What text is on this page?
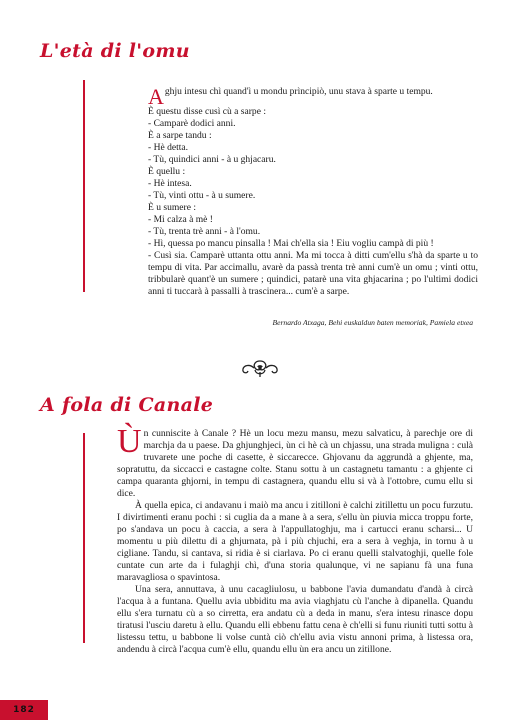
L'età di l'omu
A ghju intesu chì quand'ì u mondu prìncipiò, unu stava à sparte u tempu.
È questu disse cusì cù a sarpe :
- Camparè dodici anni.
È a sarpe tandu :
- Hè detta.
- Tù, quindici anni - à u ghjacaru.
È quellu :
- Hè intesa.
- Tù, vinti ottu - à u sumere.
È u sumere :
- Mi calza à mè !
- Tù, trenta trè anni - à l'omu.
- Hì, quessa po mancu pinsalla ! Mai ch'ella sia ! Eiu vogliu campà di più !

- Cusì sia. Camparè uttanta ottu anni. Ma mi tocca à ditti cum'ellu s'hà da sparte u to tempu di vita. Par accimallu, avarè da passà trenta trè anni cum'è un omu ; vinti ottu, tribbularè quant'è un sumere ; quindici, patarè una vita ghjacarina ; po l'ultimi dodici anni ti tuccarà à passalli à trascinera... cum'è a sarpe.

Bernardo Atxaga, Behi euskaldun baten memoriak, Pamiela etxea
A fola di Canale

Ùn cunniscite à Canale ? Hè un locu mezu mansu, mezu salvaticu, à parechje ore di marchja da u paese. Da ghjunghjeci, ùn ci hè cà un chjassu, una strada muligna : culà truvarete une poche di casette, è siccarecce. Ghjovanu da aggrundà a ghjente, ma, sopratuttu, da siccacci e castagne colte. Stanu sottu à un castagnetu tamantu : a ghjente ci campa quaranta ghjorni, in tempu di castagnera, quandu ellu si và à l'ottobre, cumu ellu si dice.

À quella epica, ci andavanu i maiò ma ancu i zitilloni è calchi zitillettu un pocu furzutu. I divirtimenti eranu pochi : si cuglia da a mane à a sera, s'ellu ùn piuvia micca troppu forte, po s'andava un pocu à caccia, a sera à l'appullatoghju, ma i cartucci eranu scharsi... U momentu u più dilettu di a ghjurnata, pà i più chjuchi, era a sera à veghja, in tornu à u cigliane. Tandu, si cantava, si ridia è si ciarlava. Po ci eranu quelli stalvatoghji, quelle fole cuntate cun arte da i fulaghji chì, d'una storia qualunque, vi ne sapianu fà una funa maravagliosa o spavintosa.

Una sera, annuttava, à unu cacagliulosu, u babbone l'avia dumandatu d'andà à circà l'acqua à a funtana. Quellu avia ubbiditu ma avia viaghjatu cù l'anche à dipanella. Quandu ellu s'era turnatu cù a so cirretta, era andatu cù a deda in manu, s'era intesu rinasce dopu tiratusi l'usciu daretu à ellu. Quandu elli ebbenu fattu cena è ch'elli si funu riuniti tutti sottu à listessu tettu, u babbone li volse cuntà ciò ch'ellu avia vistu annoni prima, à listessa ora, andendu à circà l'acqua cum'è ellu, quandu ellu ùn era ancu un zitillone.

182
